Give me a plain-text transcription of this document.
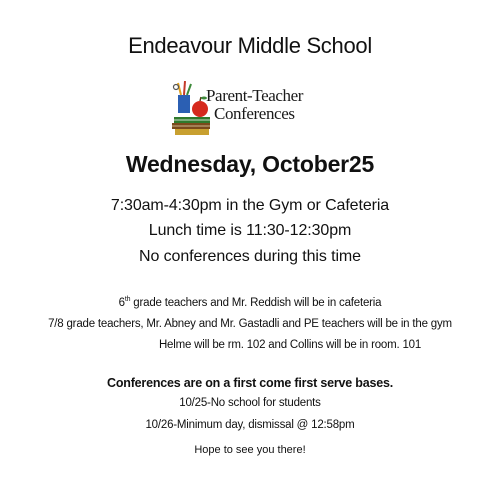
Endeavour Middle School
Parent-Teacher
Conferences
Wednesday, October25
7:30am-4:30pm in the Gym or Cafeteria
Lunch time is 11:30-12:30pm
No conferences during this time
6th grade teachers and Mr. Reddish will be in cafeteria
7/8 grade teachers, Mr. Abney and Mr. Gastadli and PE teachers will be in the gym
Helme will be rm. 102 and Collins will be in room. 101
Conferences are on a first come first serve bases.
10/25-No school for students
10/26-Minimum day, dismissal @ 12:58pm
Hope to see you there!
